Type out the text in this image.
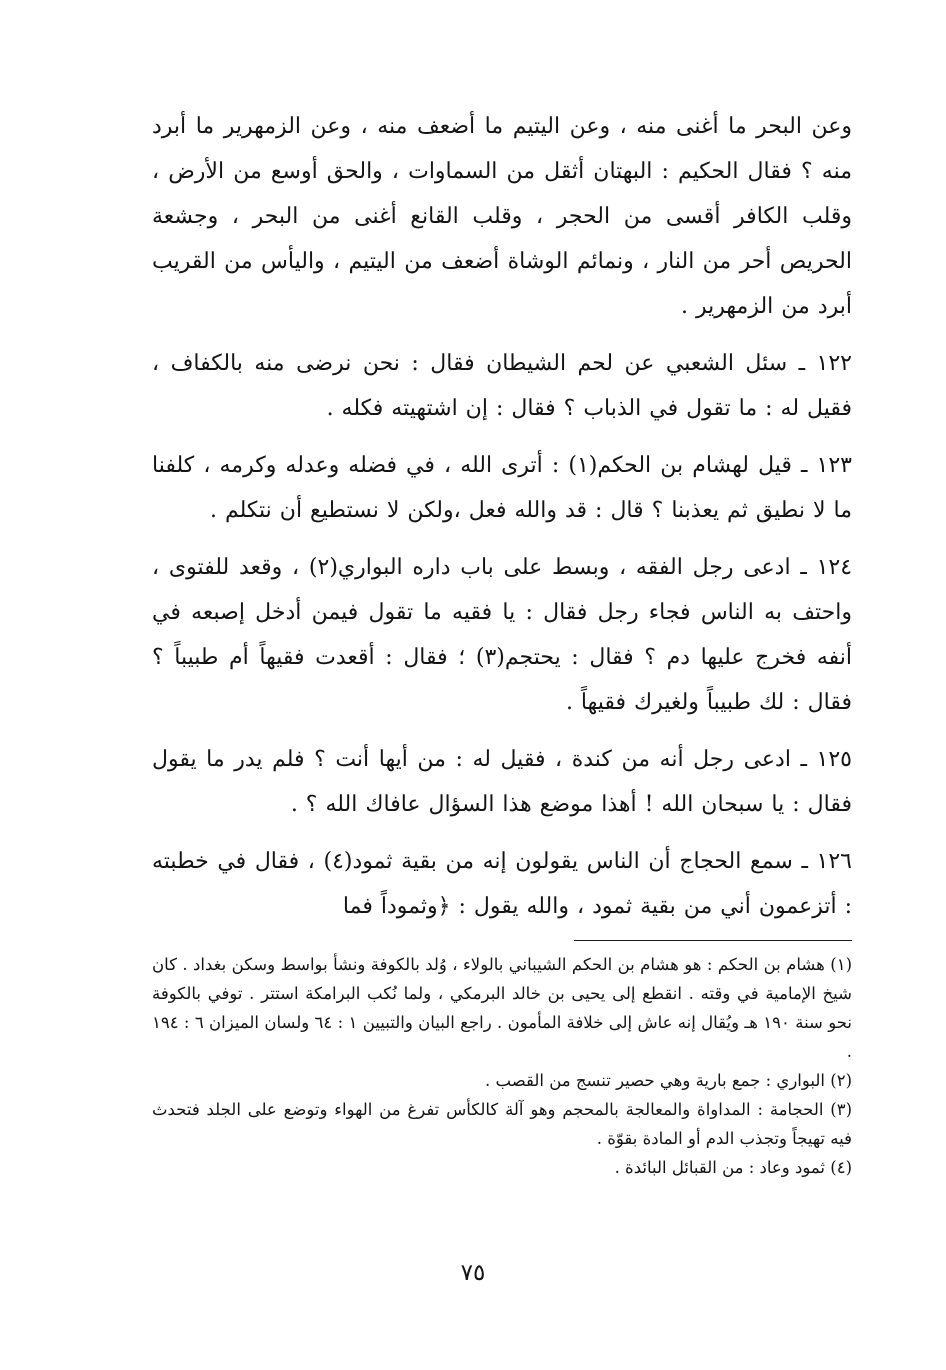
وعن البحر ما أغنى منه ، وعن اليتيم ما أضعف منه ، وعن الزمهرير ما أبرد منه ؟ فقال الحكيم : البهتان أثقل من السماوات ، والحق أوسع من الأرض ، وقلب الكافر أقسى من الحجر ، وقلب القانع أغنى من البحر ، وجشعة الحريص أحر من النار ، ونمائم الوشاة أضعف من اليتيم ، واليأس من القريب أبرد من الزمهرير .

١٢٢ ـ سئل الشعبي عن لحم الشيطان فقال : نحن نرضى منه بالكفاف ، فقيل له : ما تقول في الذباب ؟ فقال : إن اشتهيته فكله .

١٢٣ ـ قيل لهشام بن الحكم(١) : أترى الله ، في فضله وعدله وكرمه ، كلفنا ما لا نطيق ثم يعذبنا ؟ قال : قد والله فعل ،ولكن لا نستطيع أن نتكلم .

١٢٤ ـ ادعى رجل الفقه ، وبسط على باب داره البواري(٢) ، وقعد للفتوى ، واحتف به الناس فجاء رجل فقال : يا فقيه ما تقول فيمن أدخل إصبعه في أنفه فخرج عليها دم ؟ فقال : يحتجم(٣) ؛ فقال : أقعدت فقيهاً أم طبيباً ؟ فقال : لك طبيباً ولغيرك فقيهاً .

١٢٥ ـ ادعى رجل أنه من كندة ، فقيل له : من أيها أنت ؟ فلم يدر ما يقول فقال : يا سبحان الله ! أهذا موضع هذا السؤال عافاك الله ؟ .

١٢٦ ـ سمع الحجاج أن الناس يقولون إنه من بقية ثمود(٤) ، فقال في خطبته : أتزعمون أني من بقية ثمود ، والله يقول : ﴿وثموداً فما

(١) هشام بن الحكم : هو هشام بن الحكم الشيباني بالولاء ، وُلد بالكوفة ونشأ بواسط وسكن بغداد . كان شيخ الإمامية في وقته . انقطع إلى يحيى بن خالد البرمكي ، ولما نُكب البرامكة استتر . توفي بالكوفة نحو سنة ١٩٠ هـ ويُقال إنه عاش إلى خلافة المأمون . راجع البيان والتبيين ١ : ٦٤ ولسان الميزان ٦ : ١٩٤ .

(٢) البواري : جمع بارية وهي حصير تنسج من القصب .

(٣) الحجامة : المداواة والمعالجة بالمحجم وهو آلة كالكأس تفرغ من الهواء وتوضع على الجلد فتحدث فيه تهيجاً وتجذب الدم أو المادة بقوّة .

(٤) ثمود وعاد : من القبائل البائدة .

٧٥
